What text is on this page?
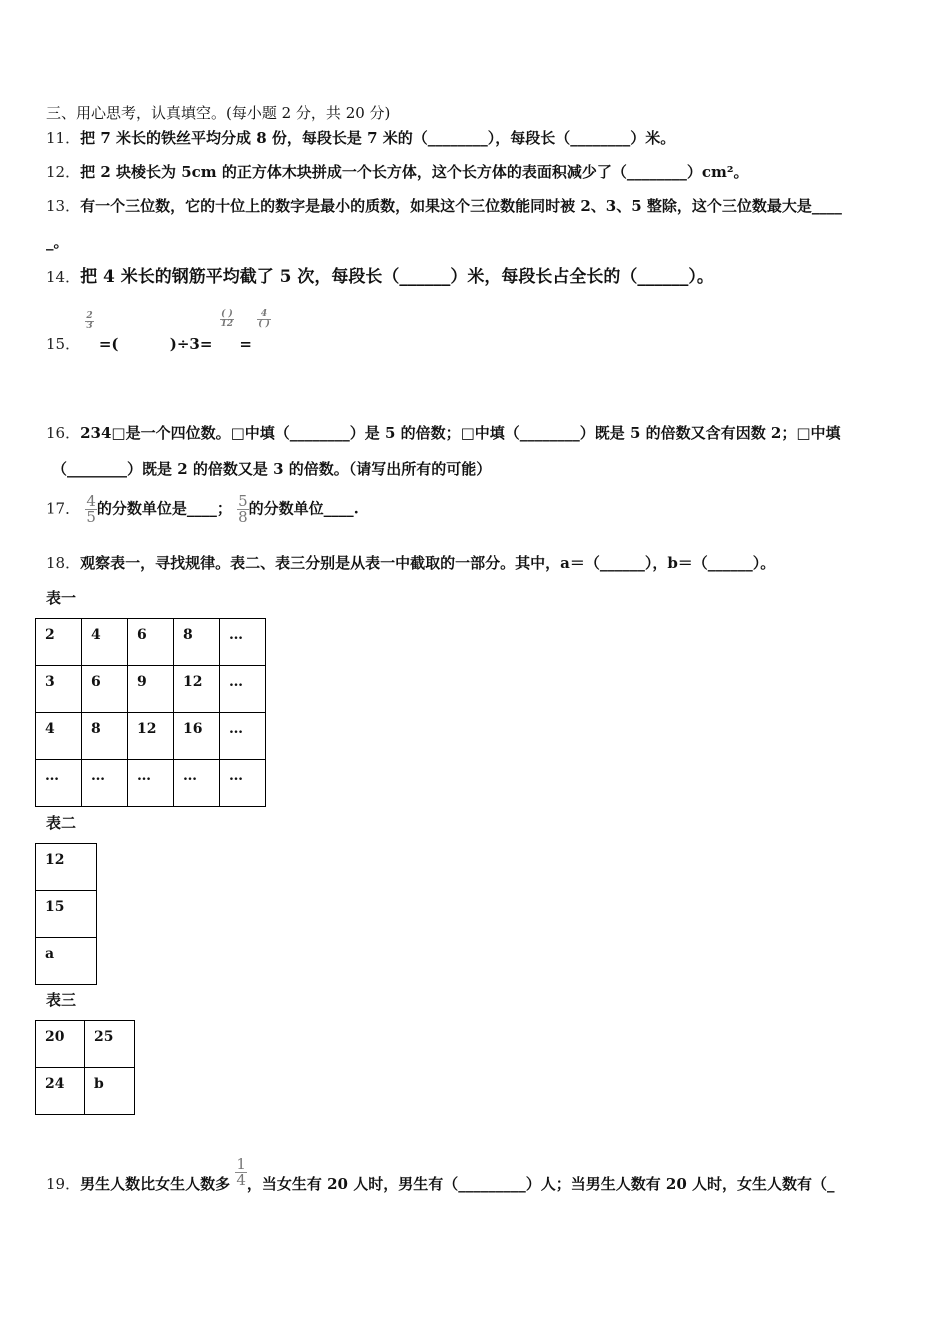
三、用心思考，认真填空。(每小题 2 分，共 20 分)
11．把 7 米长的铁丝平均分成 8 份，每段长是 7 米的（________），每段长（________）米。
12．把 2 块棱长为 5cm 的正方体木块拼成一个长方体，这个长方体的表面积减少了（________）cm²。
13．有一个三位数，它的十位上的数字是最小的质数，如果这个三位数能同时被 2、3、5 整除，这个三位数最大是____
_。
14．把 4 米长的钢筋平均截了 5 次，每段长（______）米，每段长占全长的（______）。
15．
$\frac{2}{3}$
=(	)÷3=
$\frac{( )}{12}$
=
$\frac{4}{( )}$
16．234□是一个四位数。□中填（________）是 5 的倍数；□中填（________）既是 5 的倍数又含有因数 2；□中填
（________）既是 2 的倍数又是 3 的倍数。（请写出所有的可能）
17． $\frac{4}{5}$ 的分数单位是____； $\frac{5}{8}$ 的分数单位____.
18．观察表一，寻找规律。表二、表三分别是从表一中截取的一部分。其中，a＝（______），b＝（______）。
表一
2	4	6	8	…
3	6	9	12	…
4	8	12	16	…
…	…	…	…	…
表二
12
15
a
表三
20	25
24	b
19．男生人数比女生人数多 $\frac{1}{4}$ ，当女生有 20 人时，男生有（_________）人；当男生人数有 20 人时，女生人数有（_
